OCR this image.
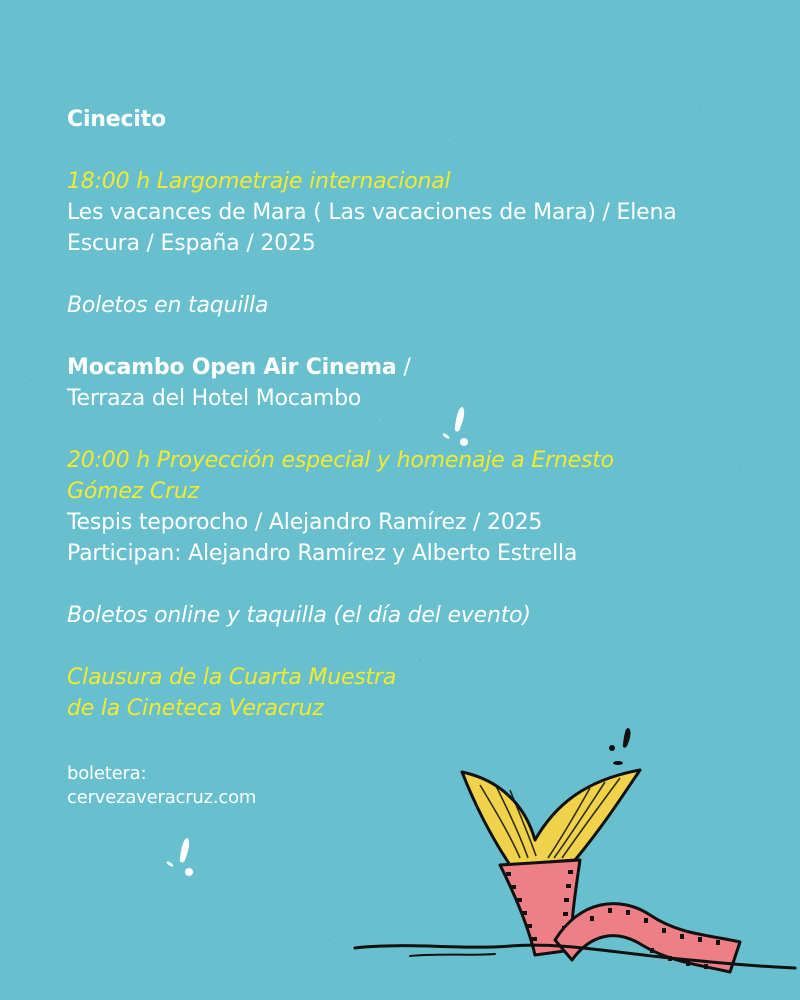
Cinecito
18:00 h Largometraje internacional
Les vacances de Mara ( Las vacaciones de Mara) / Elena
Escura / España / 2025
Boletos en taquilla
Mocambo Open Air Cinema /
Terraza del Hotel Mocambo
20:00 h Proyección especial y homenaje a Ernesto
Gómez Cruz
Tespis teporocho / Alejandro Ramírez / 2025
Participan: Alejandro Ramírez y Alberto Estrella
Boletos online y taquilla (el día del evento)
Clausura de la Cuarta Muestra
de la Cineteca Veracruz
boletera:
cervezaveracruz.com
